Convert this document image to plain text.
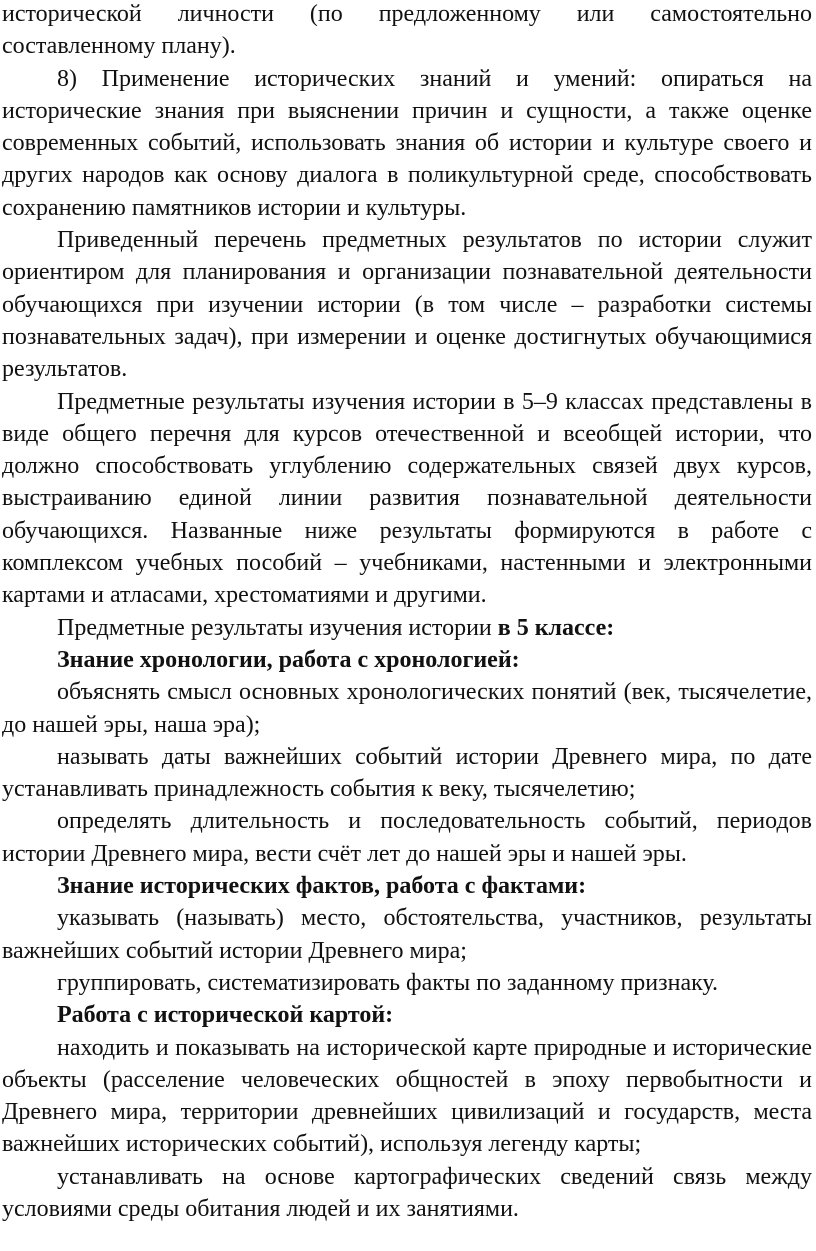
исторической личности (по предложенному или самостоятельно составленному плану).

8) Применение исторических знаний и умений: опираться на исторические знания при выяснении причин и сущности, а также оценке современных событий, использовать знания об истории и культуре своего и других народов как основу диалога в поликультурной среде, способствовать сохранению памятников истории и культуры.

Приведенный перечень предметных результатов по истории служит ориентиром для планирования и организации познавательной деятельности обучающихся при изучении истории (в том числе – разработки системы познавательных задач), при измерении и оценке достигнутых обучающимися результатов.

Предметные результаты изучения истории в 5–9 классах представлены в виде общего перечня для курсов отечественной и всеобщей истории, что должно способствовать углублению содержательных связей двух курсов, выстраиванию единой линии развития познавательной деятельности обучающихся. Названные ниже результаты формируются в работе с комплексом учебных пособий – учебниками, настенными и электронными картами и атласами, хрестоматиями и другими.

Предметные результаты изучения истории в 5 классе:

Знание хронологии, работа с хронологией:

объяснять смысл основных хронологических понятий (век, тысячелетие, до нашей эры, наша эра);

называть даты важнейших событий истории Древнего мира, по дате устанавливать принадлежность события к веку, тысячелетию;

определять длительность и последовательность событий, периодов истории Древнего мира, вести счёт лет до нашей эры и нашей эры.

Знание исторических фактов, работа с фактами:

указывать (называть) место, обстоятельства, участников, результаты важнейших событий истории Древнего мира;

группировать, систематизировать факты по заданному признаку.

Работа с исторической картой:

находить и показывать на исторической карте природные и исторические объекты (расселение человеческих общностей в эпоху первобытности и Древнего мира, территории древнейших цивилизаций и государств, места важнейших исторических событий), используя легенду карты;

устанавливать на основе картографических сведений связь между условиями среды обитания людей и их занятиями.
